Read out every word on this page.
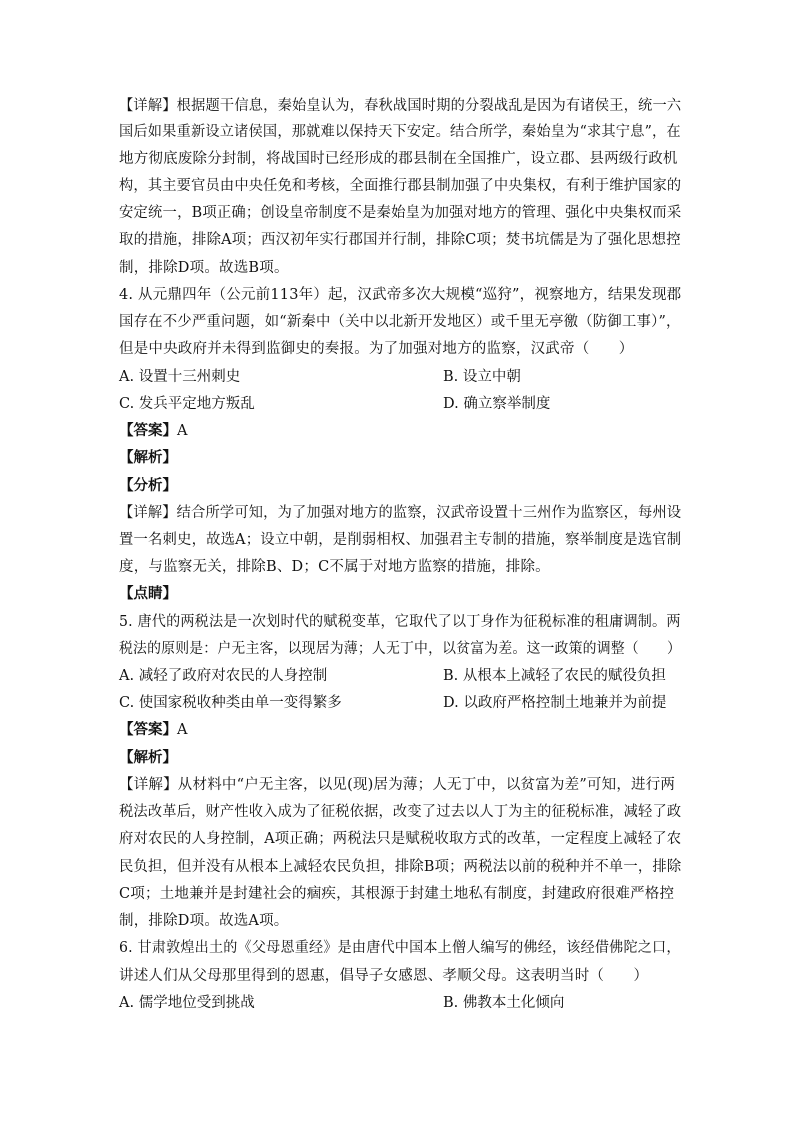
【详解】根据题干信息，秦始皇认为，春秋战国时期的分裂战乱是因为有诸侯王，统一六
国后如果重新设立诸侯国，那就难以保持天下安定。结合所学，秦始皇为“求其宁息”，在
地方彻底废除分封制，将战国时已经形成的郡县制在全国推广，设立郡、县两级行政机
构，其主要官员由中央任免和考核，全面推行郡县制加强了中央集权，有利于维护国家的
安定统一，B项正确；创设皇帝制度不是秦始皇为加强对地方的管理、强化中央集权而采
取的措施，排除A项；西汉初年实行郡国并行制，排除C项；焚书坑儒是为了强化思想控
制，排除D项。故选B项。
4. 从元鼎四年（公元前113年）起，汉武帝多次大规模“巡狩”，视察地方，结果发现郡
国存在不少严重问题，如“新秦中（关中以北新开发地区）或千里无亭徼（防御工事）”，
但是中央政府并未得到监御史的奏报。为了加强对地方的监察，汉武帝（　　）
A. 设置十三州刺史	B. 设立中朝
C. 发兵平定地方叛乱	D. 确立察举制度
【答案】A
【解析】
【分析】
【详解】结合所学可知，为了加强对地方的监察，汉武帝设置十三州作为监察区，每州设
置一名刺史，故选A；设立中朝，是削弱相权、加强君主专制的措施，察举制度是选官制
度，与监察无关，排除B、D；C不属于对地方监察的措施，排除。
【点睛】
5. 唐代的两税法是一次划时代的赋税变革，它取代了以丁身作为征税标准的租庸调制。两
税法的原则是：户无主客，以现居为薄；人无丁中，以贫富为差。这一政策的调整（　　）
A. 减轻了政府对农民的人身控制	B. 从根本上减轻了农民的赋役负担
C. 使国家税收种类由单一变得繁多	D. 以政府严格控制土地兼并为前提
【答案】A
【解析】
【详解】从材料中“户无主客，以见(现)居为薄；人无丁中，以贫富为差”可知，进行两
税法改革后，财产性收入成为了征税依据，改变了过去以人丁为主的征税标准，减轻了政
府对农民的人身控制，A项正确；两税法只是赋税收取方式的改革，一定程度上减轻了农
民负担，但并没有从根本上减轻农民负担，排除B项；两税法以前的税种并不单一，排除
C项；土地兼并是封建社会的痼疾，其根源于封建土地私有制度，封建政府很难严格控
制，排除D项。故选A项。
6. 甘肃敦煌出土的《父母恩重经》是由唐代中国本上僧人编写的佛经，该经借佛陀之口，
讲述人们从父母那里得到的恩惠，倡导子女感恩、孝顺父母。这表明当时（　　）
A. 儒学地位受到挑战	B. 佛教本土化倾向
